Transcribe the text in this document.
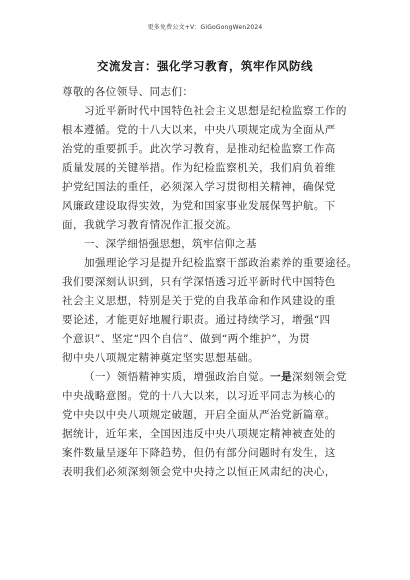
更多免费公文+V：GiGoGongWen2024
交流发言：强化学习教育，筑牢作风防线
尊敬的各位领导、同志们：
习近平新时代中国特色社会主义思想是纪检监察工作的
根本遵循。党的十八大以来，中央八项规定成为全面从严
治党的重要抓手。此次学习教育，是推动纪检监察工作高
质量发展的关键举措。作为纪检监察机关，我们肩负着维
护党纪国法的重任，必须深入学习贯彻相关精神，确保党
风廉政建设取得实效，为党和国家事业发展保驾护航。下
面，我就学习教育情况作汇报交流。
一、深学细悟强思想，筑牢信仰之基
加强理论学习是提升纪检监察干部政治素养的重要途径。
我们要深刻认识到，只有学深悟透习近平新时代中国特色
社会主义思想，特别是关于党的自我革命和作风建设的重
要论述，才能更好地履行职责。通过持续学习，增强“四
个意识”、坚定“四个自信”、做到“两个维护”，为贯
彻中央八项规定精神奠定坚实思想基础。
（一）领悟精神实质，增强政治自觉。一是深刻领会党
中央战略意图。党的十八大以来，以习近平同志为核心的
党中央以中央八项规定破题，开启全面从严治党新篇章。
据统计，近年来，全国因违反中央八项规定精神被查处的
案件数量呈逐年下降趋势，但仍有部分问题时有发生，这
表明我们必须深刻领会党中央持之以恒正风肃纪的决心，
